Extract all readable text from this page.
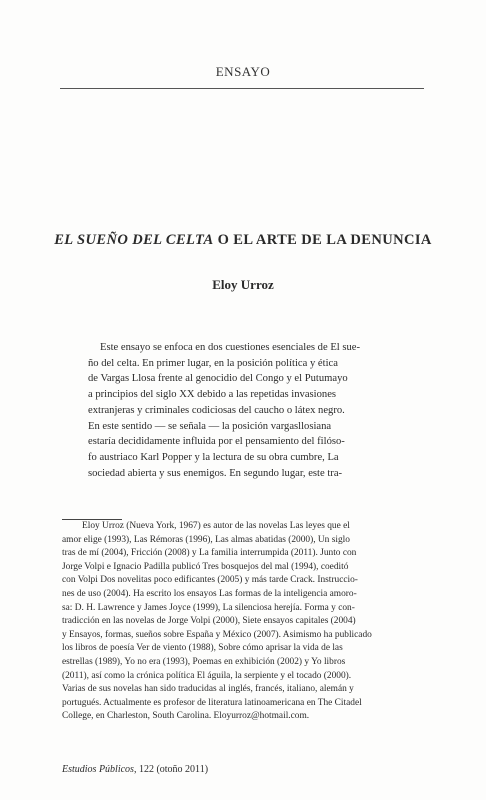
ENSAYO
EL SUEÑO DEL CELTA O EL ARTE DE LA DENUNCIA
Eloy Urroz
Este ensayo se enfoca en dos cuestiones esenciales de El sue-
ño del celta. En primer lugar, en la posición política y ética
de Vargas Llosa frente al genocidio del Congo y el Putumayo
a principios del siglo XX debido a las repetidas invasiones
extranjeras y criminales codiciosas del caucho o látex negro.
En este sentido — se señala — la posición vargasllosiana
estaría decididamente influida por el pensamiento del filóso-
fo austriaco Karl Popper y la lectura de su obra cumbre, La
sociedad abierta y sus enemigos. En segundo lugar, este tra-
Eloy Urroz (Nueva York, 1967) es autor de las novelas Las leyes que el
amor elige (1993), Las Rémoras (1996), Las almas abatidas (2000), Un siglo
tras de mí (2004), Fricción (2008) y La familia interrumpida (2011). Junto con
Jorge Volpi e Ignacio Padilla publicó Tres bosquejos del mal (1994), coeditó
con Volpi Dos novelitas poco edificantes (2005) y más tarde Crack. Instruccio-
nes de uso (2004). Ha escrito los ensayos Las formas de la inteligencia amoro-
sa: D. H. Lawrence y James Joyce (1999), La silenciosa herejía. Forma y con-
tradicción en las novelas de Jorge Volpi (2000), Siete ensayos capitales (2004)
y Ensayos, formas, sueños sobre España y México (2007). Asimismo ha publicado
los libros de poesía Ver de viento (1988), Sobre cómo aprisar la vida de las
estrellas (1989), Yo no era (1993), Poemas en exhibición (2002) y Yo libros
(2011), así como la crónica política El águila, la serpiente y el tocado (2000).
Varias de sus novelas han sido traducidas al inglés, francés, italiano, alemán y
portugués. Actualmente es profesor de literatura latinoamericana en The Citadel
College, en Charleston, South Carolina. Eloyurroz@hotmail.com.
Estudios Públicos, 122 (otoño 2011)
